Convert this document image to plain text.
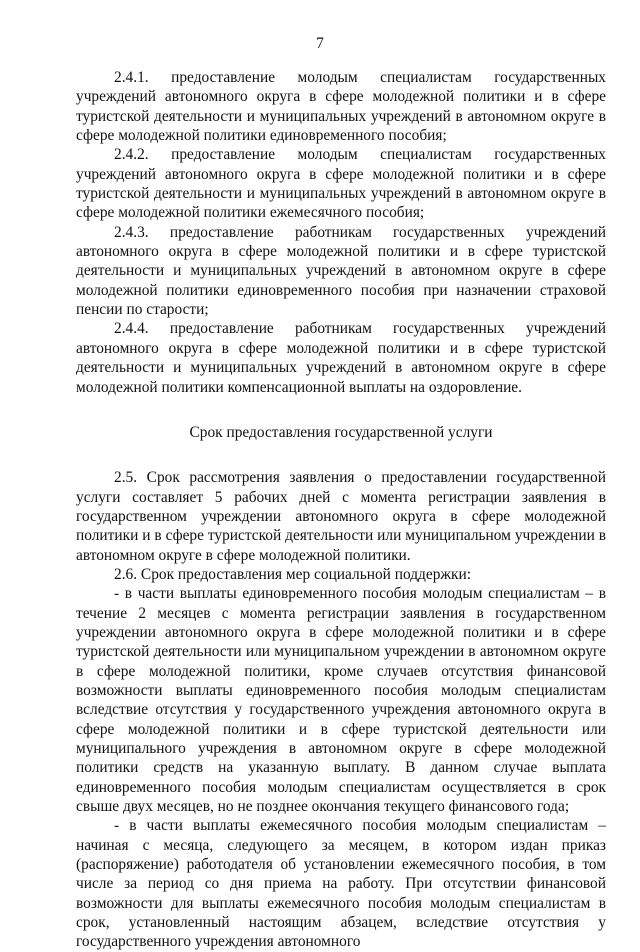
7

2.4.1. предоставление молодым специалистам государственных учреждений автономного округа в сфере молодежной политики и в сфере туристской деятельности и муниципальных учреждений в автономном округе в сфере молодежной политики единовременного пособия;

2.4.2. предоставление молодым специалистам государственных учреждений автономного округа в сфере молодежной политики и в сфере туристской деятельности и муниципальных учреждений в автономном округе в сфере молодежной политики ежемесячного пособия;

2.4.3. предоставление работникам государственных учреждений автономного округа в сфере молодежной политики и в сфере туристской деятельности и муниципальных учреждений в автономном округе в сфере молодежной политики единовременного пособия при назначении страховой пенсии по старости;

2.4.4. предоставление работникам государственных учреждений автономного округа в сфере молодежной политики и в сфере туристской деятельности и муниципальных учреждений в автономном округе в сфере молодежной политики компенсационной выплаты на оздоровление.

Срок предоставления государственной услуги

2.5. Срок рассмотрения заявления о предоставлении государственной услуги составляет 5 рабочих дней с момента регистрации заявления в государственном учреждении автономного округа в сфере молодежной политики и в сфере туристской деятельности или муниципальном учреждении в автономном округе в сфере молодежной политики.

2.6. Срок предоставления мер социальной поддержки:

- в части выплаты единовременного пособия молодым специалистам – в течение 2 месяцев с момента регистрации заявления в государственном учреждении автономного округа в сфере молодежной политики и в сфере туристской деятельности или муниципальном учреждении в автономном округе в сфере молодежной политики, кроме случаев отсутствия финансовой возможности выплаты единовременного пособия молодым специалистам вследствие отсутствия у государственного учреждения автономного округа в сфере молодежной политики и в сфере туристской деятельности или муниципального учреждения в автономном округе в сфере молодежной политики средств на указанную выплату. В данном случае выплата единовременного пособия молодым специалистам осуществляется в срок свыше двух месяцев, но не позднее окончания текущего финансового года;

- в части выплаты ежемесячного пособия молодым специалистам – начиная с месяца, следующего за месяцем, в котором издан приказ (распоряжение) работодателя об установлении ежемесячного пособия, в том числе за период со дня приема на работу. При отсутствии финансовой возможности для выплаты ежемесячного пособия молодым специалистам в срок, установленный настоящим абзацем, вследствие отсутствия у государственного учреждения автономного
